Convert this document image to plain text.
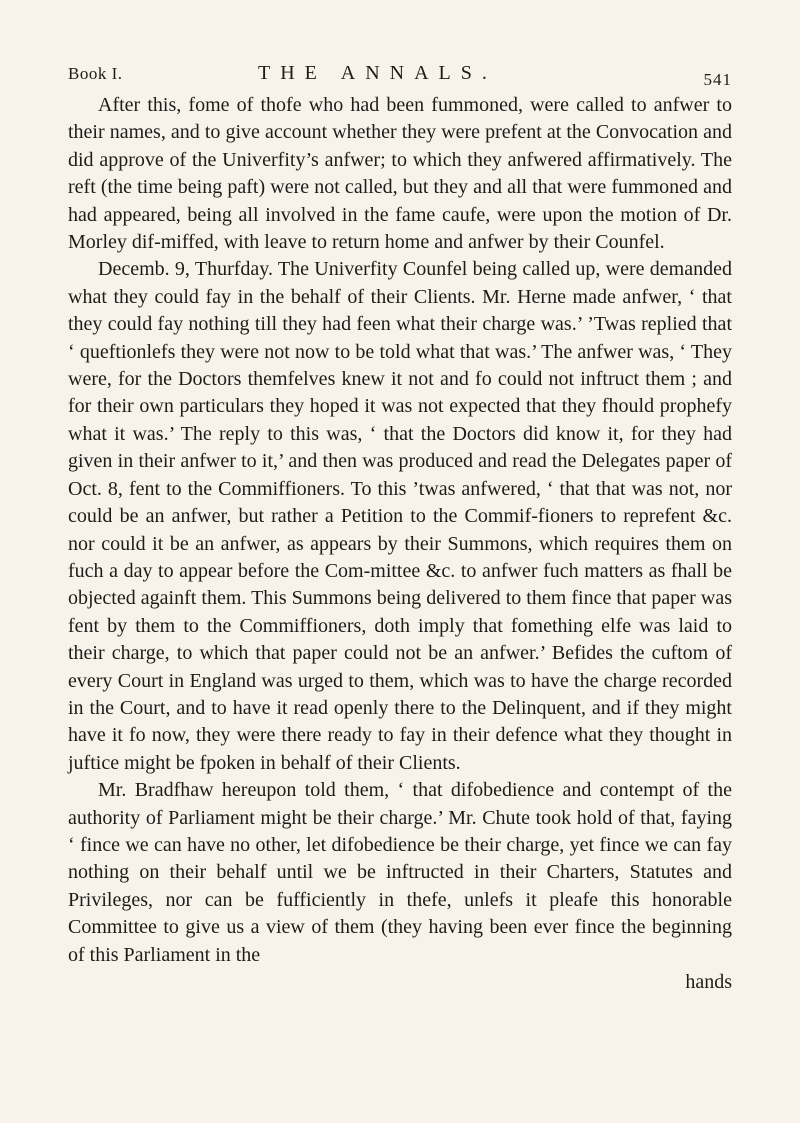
Book I.	THE ANNALS.	541

After this, fome of thofe who had been fummoned, were called to anfwer to their names, and to give account whether they were prefent at the Convocation and did approve of the Univerfity’s anfwer; to which they anfwered affirmatively. The reft (the time being paft) were not called, but they and all that were fummoned and had appeared, being all involved in the fame caufe, were upon the motion of Dr. Morley dif-miffed, with leave to return home and anfwer by their Counfel.

Decemb. 9, Thurfday. The Univerfity Counfel being called up, were demanded what they could fay in the behalf of their Clients. Mr. Herne made anfwer, ‘ that they could fay nothing till they had feen what their charge was.’ ’Twas replied that ‘ queftionlefs they were not now to be told what that was.’ The anfwer was, ‘ They were, for the Doctors themfelves knew it not and fo could not inftruct them ; and for their own particulars they hoped it was not expected that they fhould prophefy what it was.’ The reply to this was, ‘ that the Doctors did know it, for they had given in their anfwer to it,’ and then was produced and read the Delegates paper of Oct. 8, fent to the Commiffioners. To this ’twas anfwered, ‘ that that was not, nor could be an anfwer, but rather a Petition to the Commif-fioners to reprefent &c. nor could it be an anfwer, as appears by their Summons, which requires them on fuch a day to appear before the Com-mittee &c. to anfwer fuch matters as fhall be objected againft them. This Summons being delivered to them fince that paper was fent by them to the Commiffioners, doth imply that fomething elfe was laid to their charge, to which that paper could not be an anfwer.’ Befides the cuftom of every Court in England was urged to them, which was to have the charge recorded in the Court, and to have it read openly there to the Delinquent, and if they might have it fo now, they were there ready to fay in their defence what they thought in juftice might be fpoken in behalf of their Clients.

Mr. Bradfhaw hereupon told them, ‘ that difobedience and contempt of the authority of Parliament might be their charge.’ Mr. Chute took hold of that, faying ‘ fince we can have no other, let difobedience be their charge, yet fince we can fay nothing on their behalf until we be inftructed in their Charters, Statutes and Privileges, nor can be fufficiently in thefe, unlefs it pleafe this honorable Committee to give us a view of them (they having been ever fince the beginning of this Parliament in the

hands
